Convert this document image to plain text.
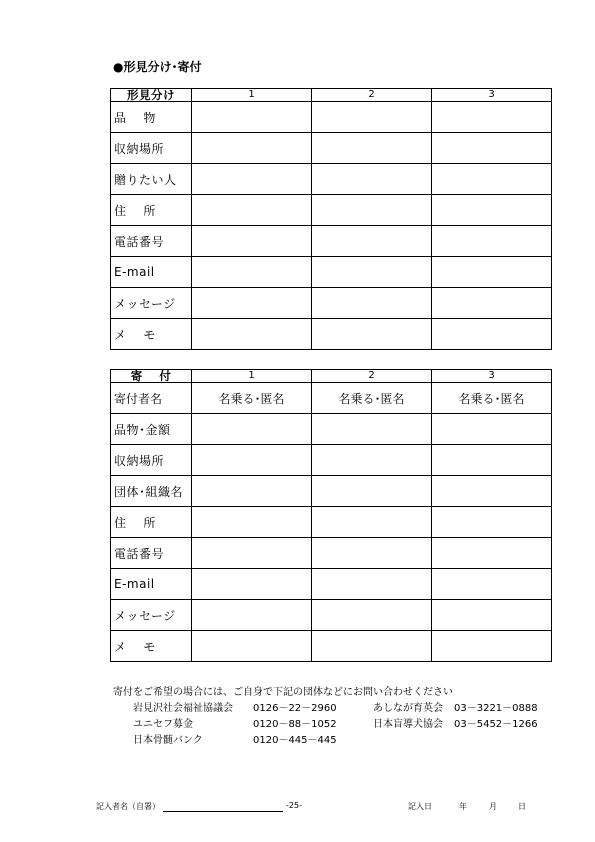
●形見分け･寄付
形見分け	1	2	3
品　 物			
収納場所			
贈りたい人			
住　 所			
電話番号			
E-mail			
メッセージ			
メ　 モ			
寄　 付	1	2	3
寄付者名	名乗る･匿名	名乗る･匿名	名乗る･匿名
品物･金額			
収納場所			
団体･組織名			
住　 所			
電話番号			
E-mail			
メッセージ			
メ　 モ			
寄付をご希望の場合には、ご自身で下記の団体などにお問い合わせください
岩見沢社会福祉協議会 0126－22－2960
ユニセフ募金	0120－88－1052
日本骨髄バンク	0120－445－445
あしなが育英会 03－3221－0888
日本盲導犬協会 03－5452－1266
記入者名（自署）	-25-	記入日	年	月	日
